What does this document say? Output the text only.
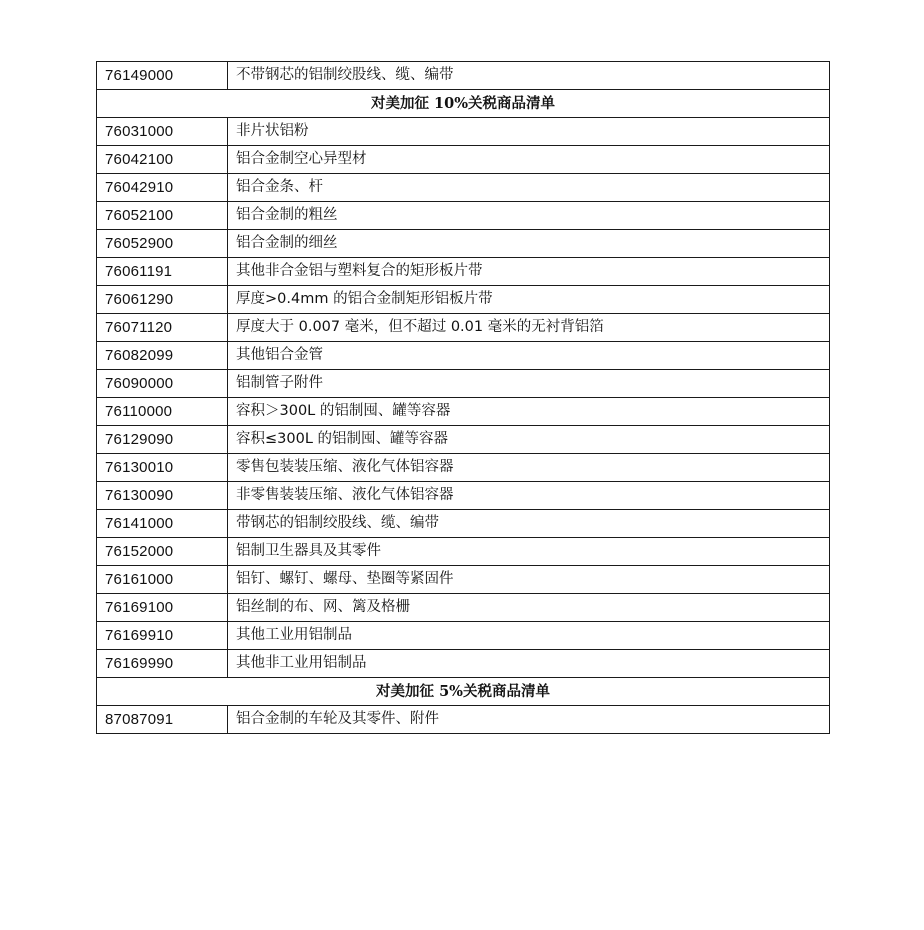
76149000	不带钢芯的铝制绞股线、缆、编带
对美加征 10%关税商品清单	
76031000	非片状铝粉
76042100	铝合金制空心异型材
76042910	铝合金条、杆
76052100	铝合金制的粗丝
76052900	铝合金制的细丝
76061191	其他非合金铝与塑料复合的矩形板片带
76061290	厚度>0.4mm 的铝合金制矩形铝板片带
76071120	厚度大于 0.007 毫米，但不超过 0.01 毫米的无衬背铝箔
76082099	其他铝合金管
76090000	铝制管子附件
76110000	容积＞300L 的铝制囤、罐等容器
76129090	容积≤300L 的铝制囤、罐等容器
76130010	零售包装装压缩、液化气体铝容器
76130090	非零售装装压缩、液化气体铝容器
76141000	带钢芯的铝制绞股线、缆、编带
76152000	铝制卫生器具及其零件
76161000	铝钉、螺钉、螺母、垫圈等紧固件
76169100	铝丝制的布、网、篱及格栅
76169910	其他工业用铝制品
76169990	其他非工业用铝制品
对美加征 5%关税商品清单	
87087091	铝合金制的车轮及其零件、附件
